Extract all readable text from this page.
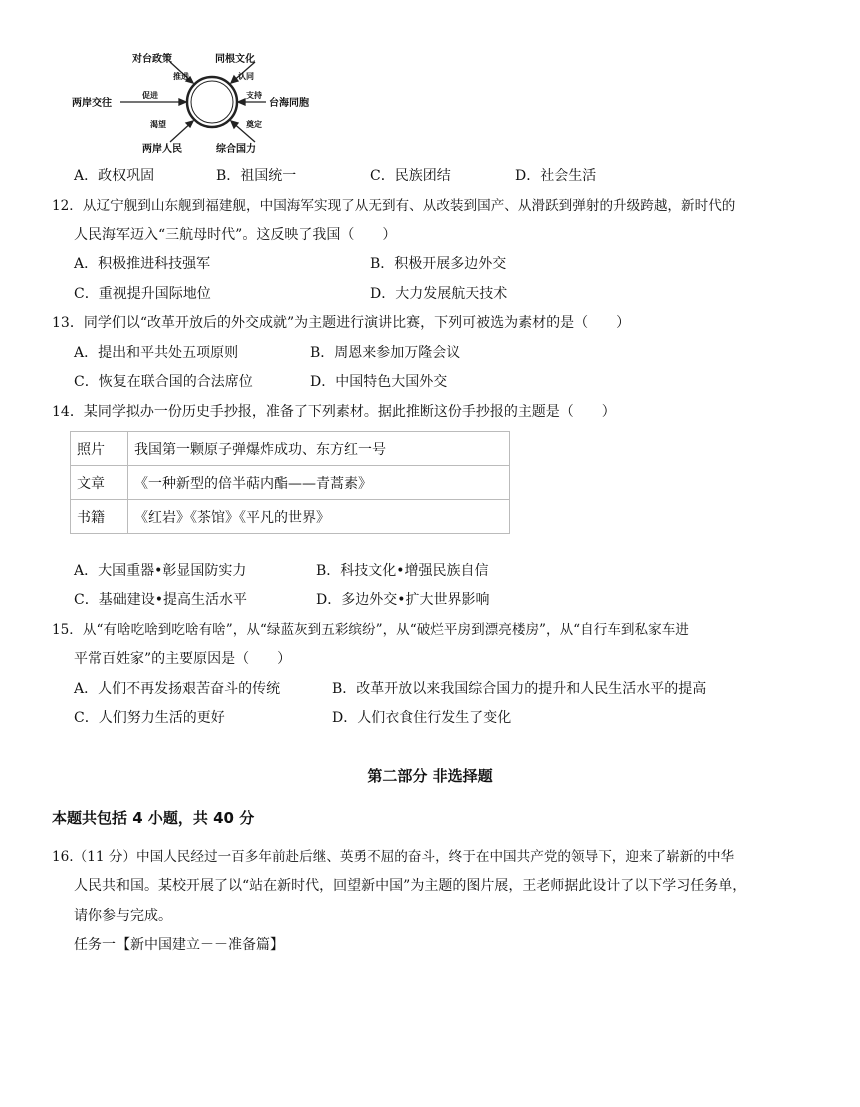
对台政策	同根文化
两岸交往	台海同胞
两岸人民	综合国力
推进	认同
促进	支持
渴望	奠定
A．政权巩固	B．祖国统一	C．民族团结	D．社会生活
12．从辽宁舰到山东舰到福建舰，中国海军实现了从无到有、从改装到国产、从滑跃到弹射的升级跨越，新时代的
人民海军迈入“三航母时代”。这反映了我国（　　）
A．积极推进科技强军	B．积极开展多边外交
C．重视提升国际地位	D．大力发展航天技术
13．同学们以“改革开放后的外交成就”为主题进行演讲比赛，下列可被选为素材的是（　　）
A．提出和平共处五项原则	B．周恩来参加万隆会议
C．恢复在联合国的合法席位	D．中国特色大国外交
14．某同学拟办一份历史手抄报，准备了下列素材。据此推断这份手抄报的主题是（　　）
照片	我国第一颗原子弹爆炸成功、东方红一号
文章	《一种新型的倍半萜内酯——青蒿素》
书籍	《红岩》《茶馆》《平凡的世界》
A．大国重器•彰显国防实力	B．科技文化•增强民族自信
C．基础建设•提高生活水平	D．多边外交•扩大世界影响
15．从“有啥吃啥到吃啥有啥”，从“绿蓝灰到五彩缤纷”，从“破烂平房到漂亮楼房”，从“自行车到私家车进
平常百姓家”的主要原因是（　　）
A．人们不再发扬艰苦奋斗的传统	B．改革开放以来我国综合国力的提升和人民生活水平的提高
C．人们努力生活的更好	D．人们衣食住行发生了变化
第二部分 非选择题
本题共包括 4 小题，共 40 分
16.（11 分）中国人民经过一百多年前赴后继、英勇不屈的奋斗，终于在中国共产党的领导下，迎来了崭新的中华
人民共和国。某校开展了以“站在新时代，回望新中国”为主题的图片展，王老师据此设计了以下学习任务单，
请你参与完成。
任务一【新中国建立－－准备篇】
